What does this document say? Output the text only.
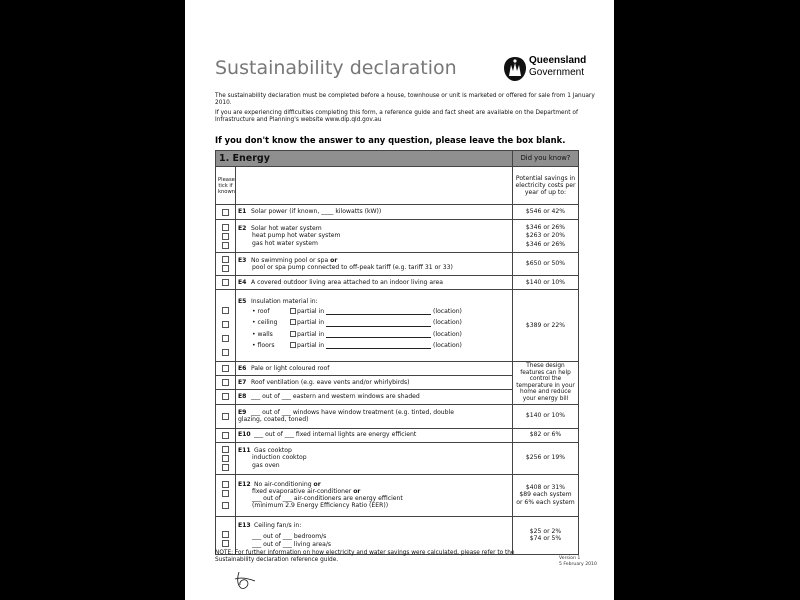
Sustainability declaration	Queensland
Government

The sustainability declaration must be completed before a house, townhouse or unit is marketed or offered for sale from 1 January 2010.

If you are experiencing difficulties completing this form, a reference guide and fact sheet are available on the Department of Infrastructure and Planning's website www.dip.qld.gov.au

If you don't know the answer to any question, please leave the box blank.
1. Energy		Did you know?
Please tick if known		Potential savings in electricity costs per year of up to:

	E1 Solar power (if known, ____ kilowatts (kW))	$546 or 42%

	E2 Solar hot water system
heat pump hot water system
gas hot water system	$346 or 26%
$263 or 20%
$346 or 26%

	E3 No swimming pool or spa or
pool or spa pump connected to off-peak tariff (e.g. tariff 31 or 33)	$650 or 50%

	E4 A covered outdoor living area attached to an indoor living area	$140 or 10%

	E5 Insulation material in:
• roof partial in (location)
• ceiling partial in (location)
• walls partial in (location)
• floors partial in (location)	$389 or 22%

	E6 Pale or light coloured roof	These design features can help control the temperature in your home and reduce your energy bill

	E7 Roof ventilation (e.g. eave vents and/or whirlybirds)	

	E8 ___ out of ___ eastern and western windows are shaded	

	E9 ___ out of ___ windows have window treatment (e.g. tinted, double
glazing, coated, toned)	$140 or 10%

	E10 ___ out of ___ fixed internal lights are energy efficient	$82 or 6%

	E11 Gas cooktop
induction cooktop
gas oven	$256 or 19%

	E12 No air-conditioning or
fixed evaporative air-conditioner or
___ out of ___ air-conditioners are energy efficient
(minimum 2.9 Energy Efficiency Ratio (EER))	$408 or 31%
$89 each system
or 6% each system

	E13 Ceiling fan/s in:
___ out of ___ bedroom/s
___ out of ___ living area/s	$25 or 2%
$74 or 5%
NOTE: For further information on how electricity and water savings were calculated, please refer to the Sustainability declaration reference guide.	Version 1
5 February 2010
